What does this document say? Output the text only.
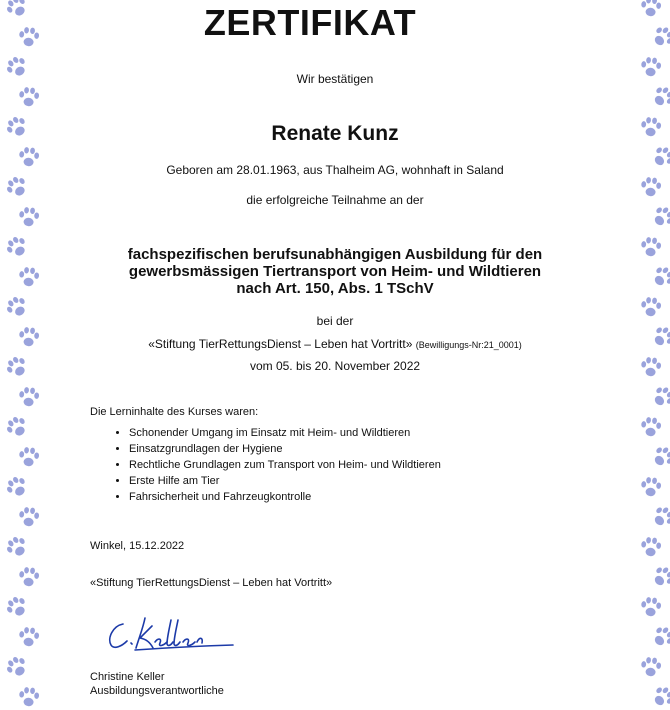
ZERTIFIKAT
Wir bestätigen
Renate Kunz
Geboren am 28.01.1963, aus Thalheim AG, wohnhaft in Saland
die erfolgreiche Teilnahme an der
fachspezifischen berufsunabhängigen Ausbildung für den
gewerbsmässigen Tiertransport von Heim- und Wildtieren
nach Art. 150, Abs. 1 TSchV
bei der
«Stiftung TierRettungsDienst – Leben hat Vortritt» (Bewilligungs-Nr:21_0001)
vom 05. bis 20. November 2022
Die Lerninhalte des Kurses waren:
• Schonender Umgang im Einsatz mit Heim- und Wildtieren
• Einsatzgrundlagen der Hygiene
• Rechtliche Grundlagen zum Transport von Heim- und Wildtieren
• Erste Hilfe am Tier
• Fahrsicherheit und Fahrzeugkontrolle
Winkel, 15.12.2022
«Stiftung TierRettungsDienst – Leben hat Vortritt»
Christine Keller
Ausbildungsverantwortliche
